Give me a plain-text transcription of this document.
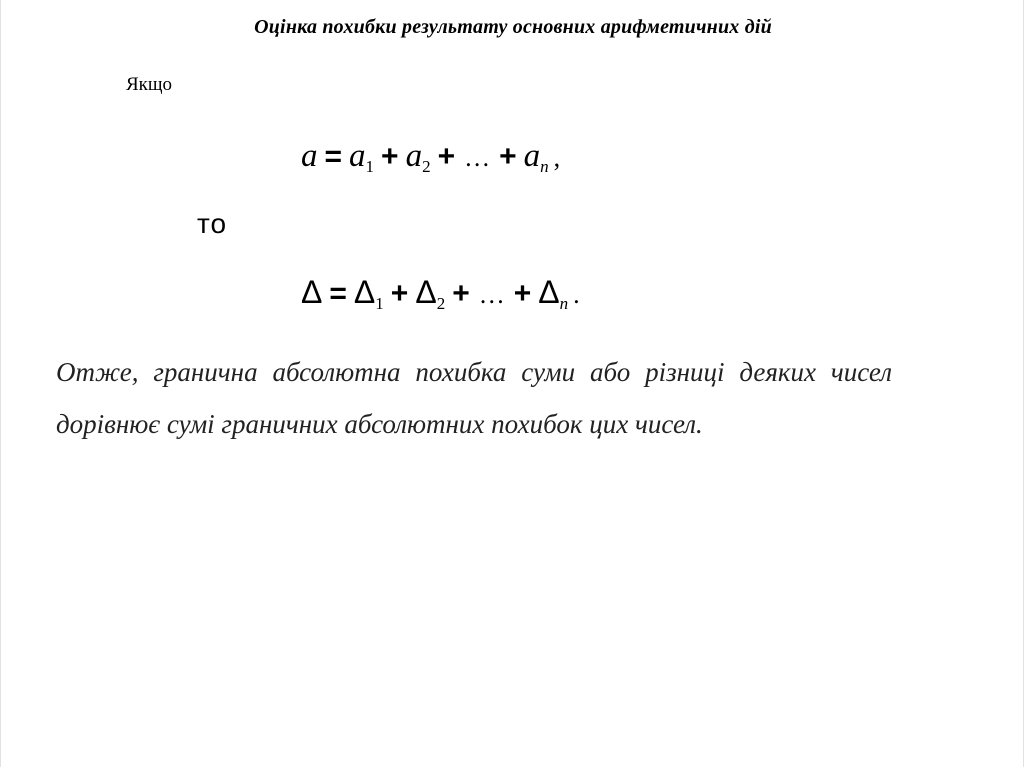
Оцінка похибки результату основних арифметичних дій
Якщо
$a = a_1 + a_2$ + … + $a_n$ ,
то
$\Delta = \Delta_1 + \Delta_2$ + … + $\Delta_n$ .
Отже, гранична абсолютна похибка суми або різниці деяких чисел дорівнює сумі граничних абсолютних похибок цих чисел.
